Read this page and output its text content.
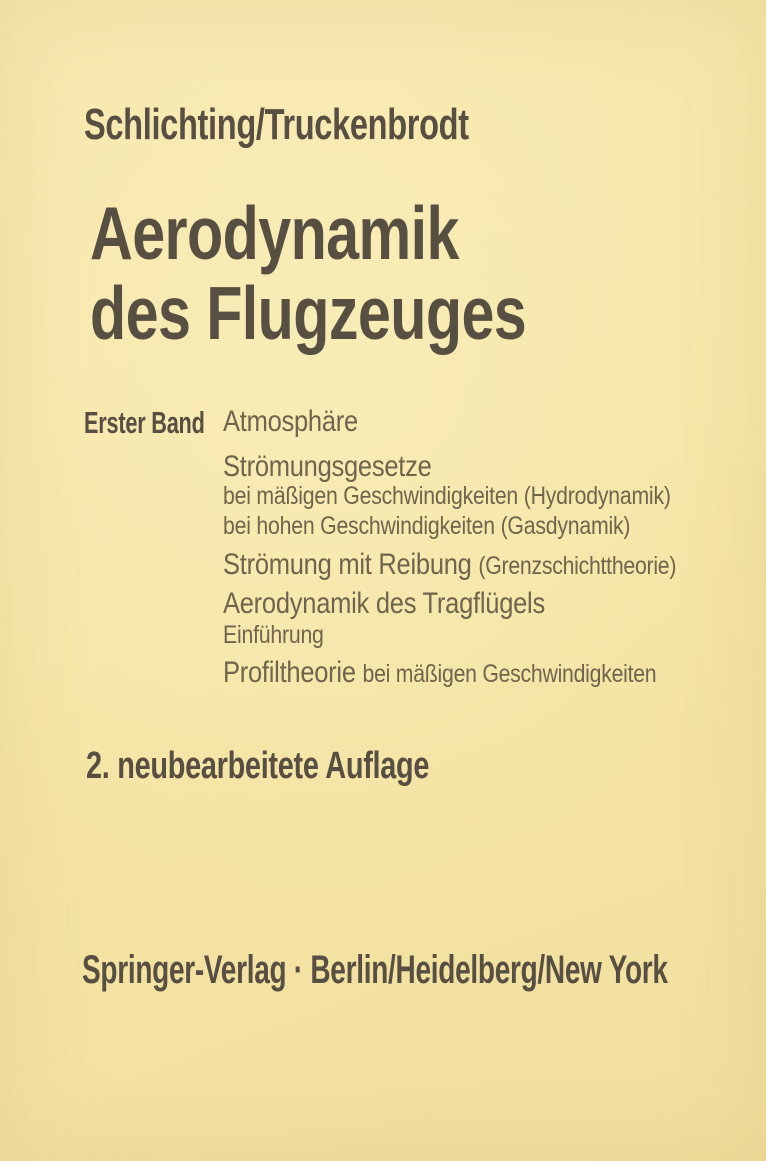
Schlichting/Truckenbrodt
Aerodynamik
des Flugzeuges
Erster Band Atmosphäre
Strömungsgesetze
bei mäßigen Geschwindigkeiten (Hydrodynamik)
bei hohen Geschwindigkeiten (Gasdynamik)
Strömung mit Reibung (Grenzschichttheorie)
Aerodynamik des Tragflügels
Einführung
Profiltheorie bei mäßigen Geschwindigkeiten
2. neubearbeitete Auflage
Springer-Verlag · Berlin/Heidelberg/New York
